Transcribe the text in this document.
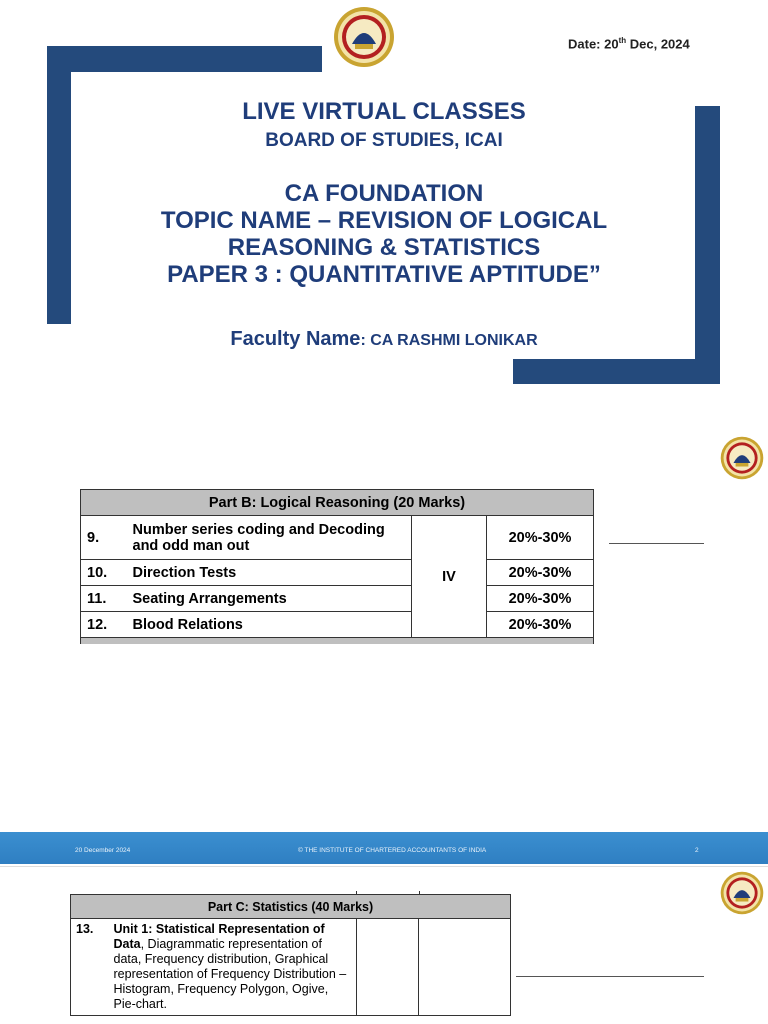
Date: 20th Dec, 2024
LIVE VIRTUAL CLASSES
BOARD OF STUDIES, ICAI
CA FOUNDATION
TOPIC NAME – REVISION OF LOGICAL
REASONING & STATISTICS
PAPER 3 : QUANTITATIVE APTITUDE”
Faculty Name: CA RASHMI LONIKAR
Part B: Logical Reasoning (20 Marks)			
9.	Number series coding and Decoding and odd man out	IV	20%-30%
10.	Direction Tests		20%-30%
11.	Seating Arrangements		20%-30%
12.	Blood Relations		20%-30%

20 December 2024	© THE INSTITUTE OF CHARTERED ACCOUNTANTS OF INDIA	2
Part C: Statistics (40 Marks)
13.	Unit 1: Statistical Representation of Data, Diagrammatic representation of data, Frequency distribution, Graphical representation of Frequency Distribution –Histogram, Frequency Polygon, Ogive, Pie-chart.		
